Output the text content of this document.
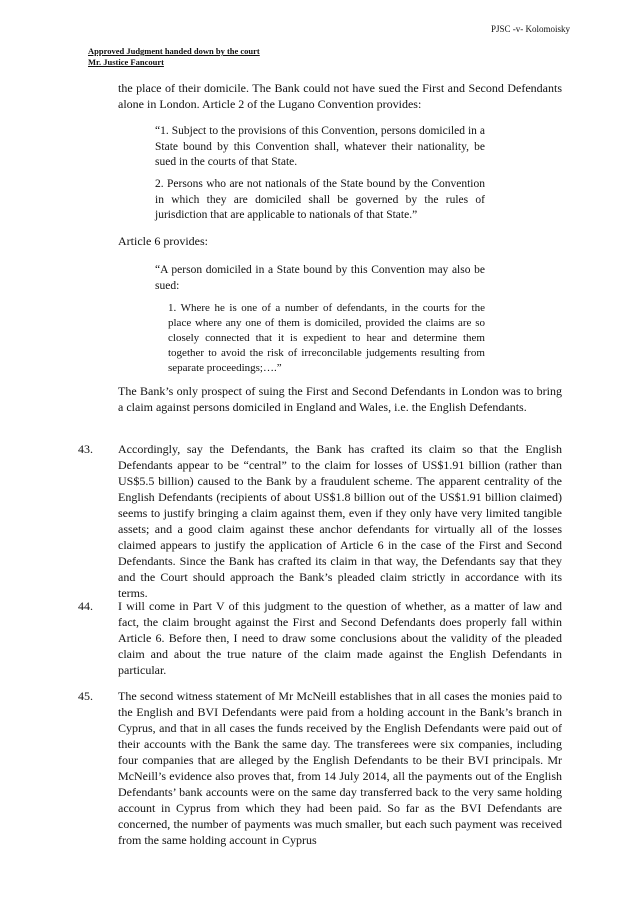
PJSC -v- Kolomoisky
Approved Judgment handed down by the court
Mr. Justice Fancourt
the place of their domicile. The Bank could not have sued the First and Second Defendants alone in London. Article 2 of the Lugano Convention provides:
“1. Subject to the provisions of this Convention, persons domiciled in a State bound by this Convention shall, whatever their nationality, be sued in the courts of that State.
2. Persons who are not nationals of the State bound by the Convention in which they are domiciled shall be governed by the rules of jurisdiction that are applicable to nationals of that State.”
Article 6 provides:
“A person domiciled in a State bound by this Convention may also be sued:
1. Where he is one of a number of defendants, in the courts for the place where any one of them is domiciled, provided the claims are so closely connected that it is expedient to hear and determine them together to avoid the risk of irreconcilable judgements resulting from separate proceedings;….”
The Bank’s only prospect of suing the First and Second Defendants in London was to bring a claim against persons domiciled in England and Wales, i.e. the English Defendants.
43. Accordingly, say the Defendants, the Bank has crafted its claim so that the English Defendants appear to be “central” to the claim for losses of US$1.91 billion (rather than US$5.5 billion) caused to the Bank by a fraudulent scheme. The apparent centrality of the English Defendants (recipients of about US$1.8 billion out of the US$1.91 billion claimed) seems to justify bringing a claim against them, even if they only have very limited tangible assets; and a good claim against these anchor defendants for virtually all of the losses claimed appears to justify the application of Article 6 in the case of the First and Second Defendants. Since the Bank has crafted its claim in that way, the Defendants say that they and the Court should approach the Bank’s pleaded claim strictly in accordance with its terms.
44. I will come in Part V of this judgment to the question of whether, as a matter of law and fact, the claim brought against the First and Second Defendants does properly fall within Article 6. Before then, I need to draw some conclusions about the validity of the pleaded claim and about the true nature of the claim made against the English Defendants in particular.
45. The second witness statement of Mr McNeill establishes that in all cases the monies paid to the English and BVI Defendants were paid from a holding account in the Bank’s branch in Cyprus, and that in all cases the funds received by the English Defendants were paid out of their accounts with the Bank the same day. The transferees were six companies, including four companies that are alleged by the English Defendants to be their BVI principals. Mr McNeill’s evidence also proves that, from 14 July 2014, all the payments out of the English Defendants’ bank accounts were on the same day transferred back to the very same holding account in Cyprus from which they had been paid. So far as the BVI Defendants are concerned, the number of payments was much smaller, but each such payment was received from the same holding account in Cyprus
